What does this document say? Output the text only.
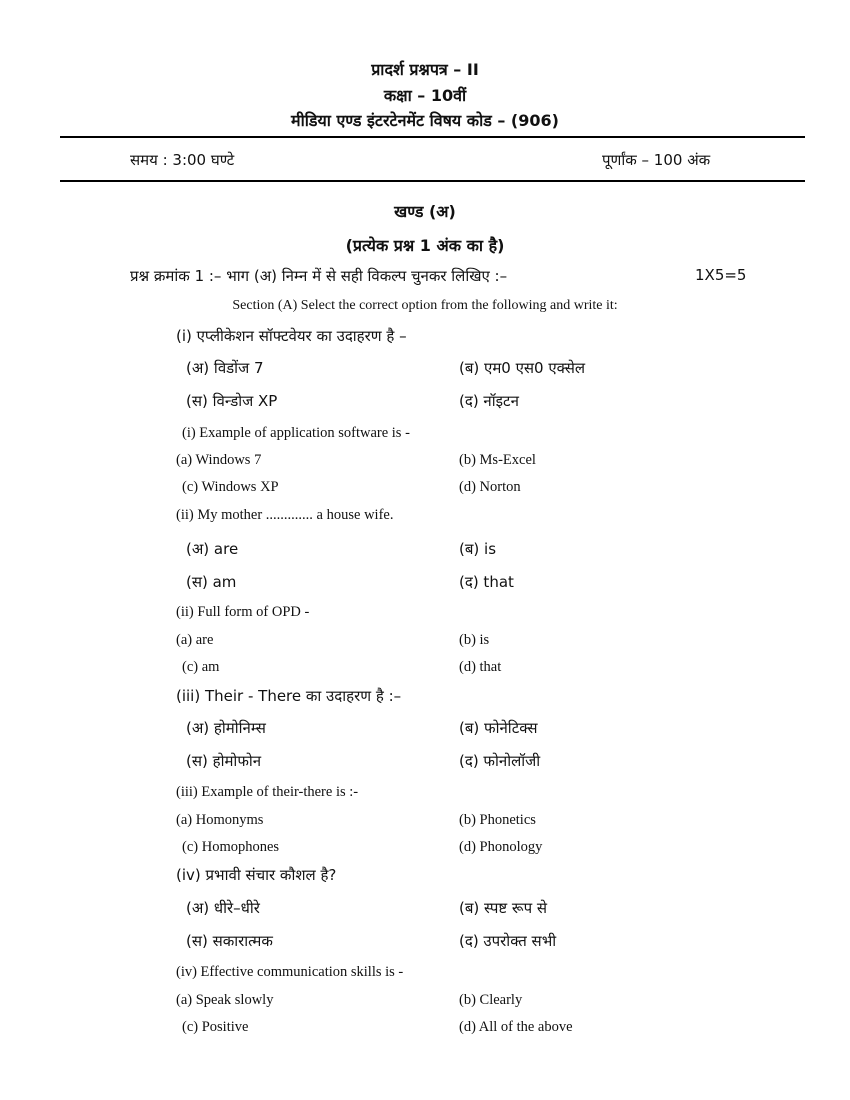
प्रादर्श प्रश्नपत्र – II
कक्षा – 10वीं
मीडिया एण्ड इंटरटेनमेंट विषय कोड – (906)
समय : 3:00 घण्टे	पूर्णांक – 100 अंक
खण्ड (अ)
(प्रत्येक प्रश्न 1 अंक का है)
प्रश्न क्रमांक 1 :– भाग (अ) निम्न में से सही विकल्प चुनकर लिखिए :–	1X5=5
Section (A) Select the correct option from the following and write it:
(i) एप्लीकेशन सॉफ्टवेयर का उदाहरण है –
(अ) विडोंज 7	(ब) एम0 एस0 एक्सेल
(स) विन्डोज XP	(द) नॉइटन
(i) Example of application software is -
(a) Windows 7	(b) Ms-Excel
(c) Windows XP	(d) Norton
(ii) My mother ............. a house wife.
(अ) are	(ब) is
(स) am	(द) that
(ii) Full form of OPD -
(a) are	(b) is
(c) am	(d) that
(iii) Their - There का उदाहरण है :–
(अ) होमोनिम्स	(ब) फोनेटिक्स
(स) होमोफोन	(द) फोनोलॉजी
(iii) Example of their-there is :-
(a) Homonyms	(b) Phonetics
(c) Homophones	(d) Phonology
(iv) प्रभावी संचार कौशल है?
(अ) धीरे–धीरे	(ब) स्पष्ट रूप से
(स) सकारात्मक	(द) उपरोक्त सभी
(iv) Effective communication skills is -
(a) Speak slowly	(b) Clearly
(c) Positive	(d) All of the above
